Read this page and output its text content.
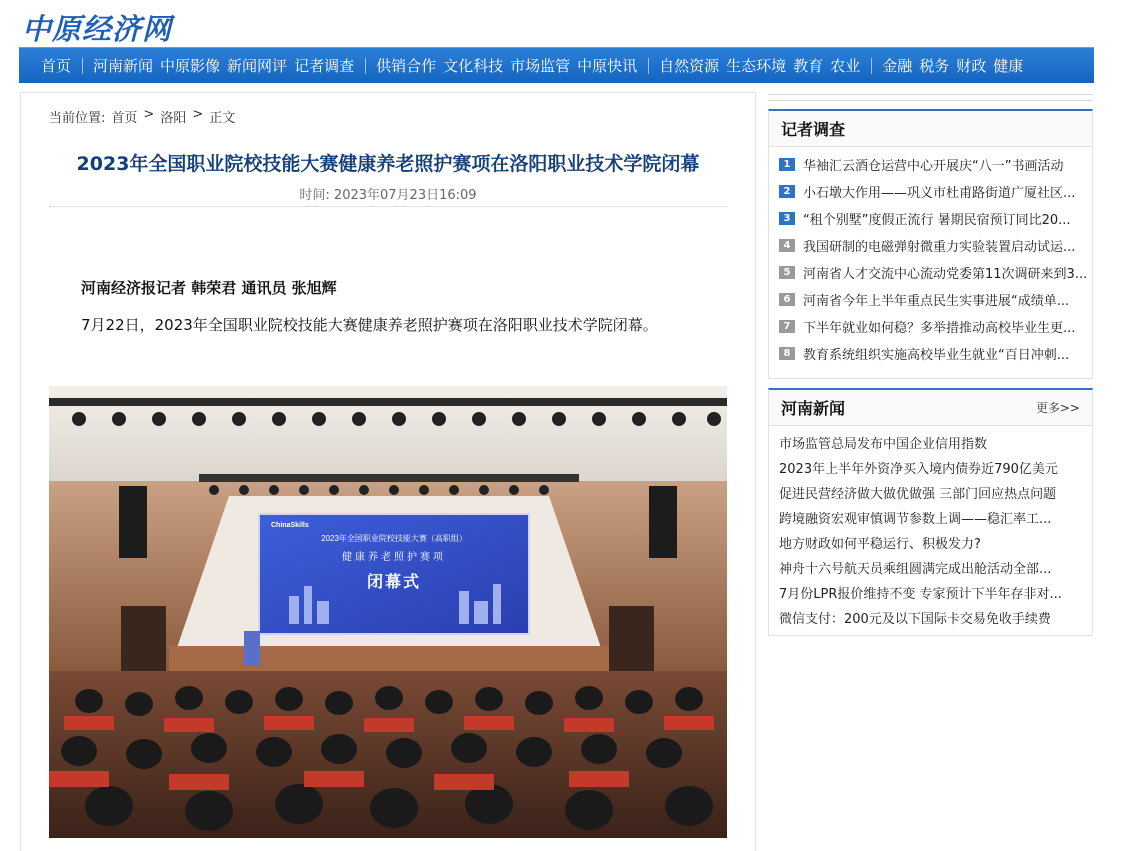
中原经济网
首页 河南新闻 中原影像 新闻网评 记者调查 供销合作 文化科技 市场监管 中原快讯 自然资源 生态环境 教育 农业 金融 税务 财政 健康
当前位置: 首页 > 洛阳 > 正文
2023年全国职业院校技能大赛健康养老照护赛项在洛阳职业技术学院闭幕
时间: 2023年07月23日16:09
河南经济报记者 韩荣君 通讯员 张旭辉
7月22日，2023年全国职业院校技能大赛健康养老照护赛项在洛阳职业技术学院闭幕。
ChinaSkills
2023年全国职业院校技能大赛（高职组）
健康养老照护赛项
闭幕式
记者调查
1 华袖汇云酒仓运营中心开展庆“八一”书画活动
2 小石墩大作用——巩义市杜甫路街道广厦社区...
3 “租个别墅”度假正流行 暑期民宿预订同比20...
4 我国研制的电磁弹射微重力实验装置启动试运...
5 河南省人才交流中心流动党委第11次调研来到3...
6 河南省今年上半年重点民生实事进展“成绩单...
7 下半年就业如何稳？多举措推动高校毕业生更...
8 教育系统组织实施高校毕业生就业“百日冲刺...
河南新闻	更多>>
市场监管总局发布中国企业信用指数
2023年上半年外资净买入境内债券近790亿美元
促进民营经济做大做优做强 三部门回应热点问题
跨境融资宏观审慎调节参数上调——稳汇率工...
地方财政如何平稳运行、积极发力?
神舟十六号航天员乘组圆满完成出舱活动全部...
7月份LPR报价维持不变 专家预计下半年存非对...
微信支付：200元及以下国际卡交易免收手续费
